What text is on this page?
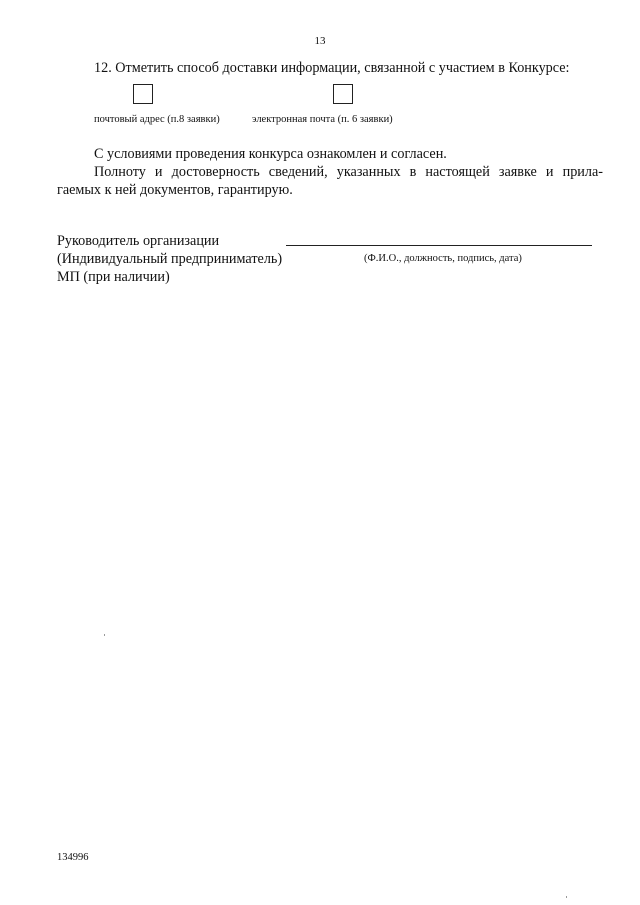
13
12. Отметить способ доставки информации, связанной с участием в Конкурсе:
почтовый адрес (п.8 заявки)	электронная почта (п. 6 заявки)
С условиями проведения конкурса ознакомлен и согласен.
Полноту и достоверность сведений, указанных в настоящей заявке и прила-
гаемых к ней документов, гарантирую.
Руководитель организации
(Индивидуальный предприниматель)	(Ф.И.О., должность, подпись, дата)
МП (при наличии)
134996
